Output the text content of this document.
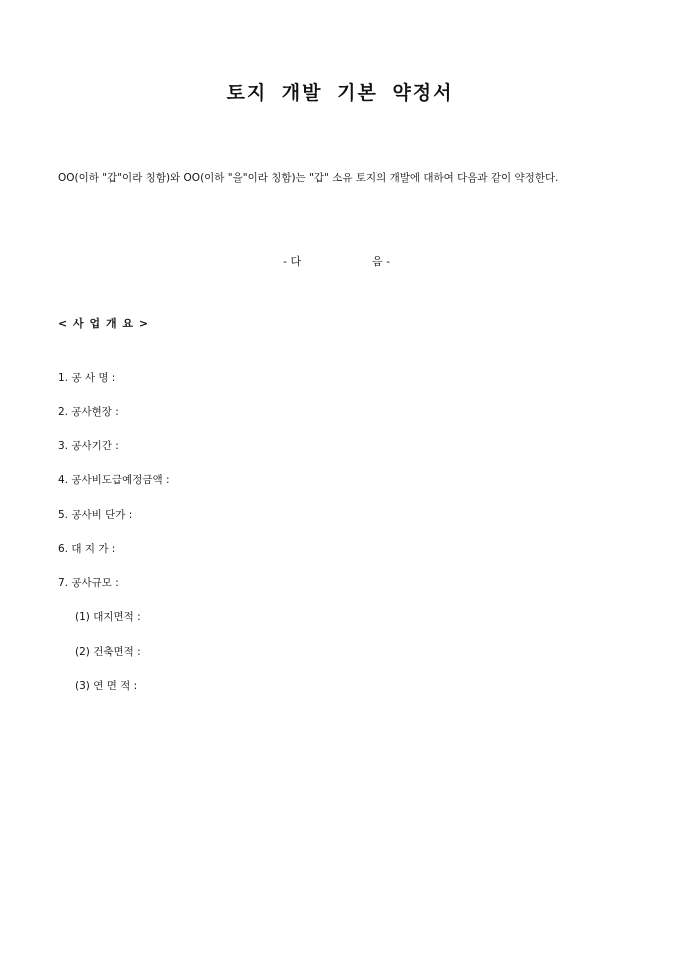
토지 개발 기본 약정서
OO(이하 "갑"이라 칭함)와 OO(이하 "을"이라 칭함)는 "갑" 소유 토지의 개발에 대하여 다음과 같이 약정한다.
- 다	음 -
< 사 업 개 요 >
1. 공 사 명 :
2. 공사현장 :
3. 공사기간 :
4. 공사비도급예정금액 :
5. 공사비 단가 :
6. 대 지 가 :
7. 공사규모 :
(1) 대지면적 :
(2) 건축면적 :
(3) 연 면 적 :
